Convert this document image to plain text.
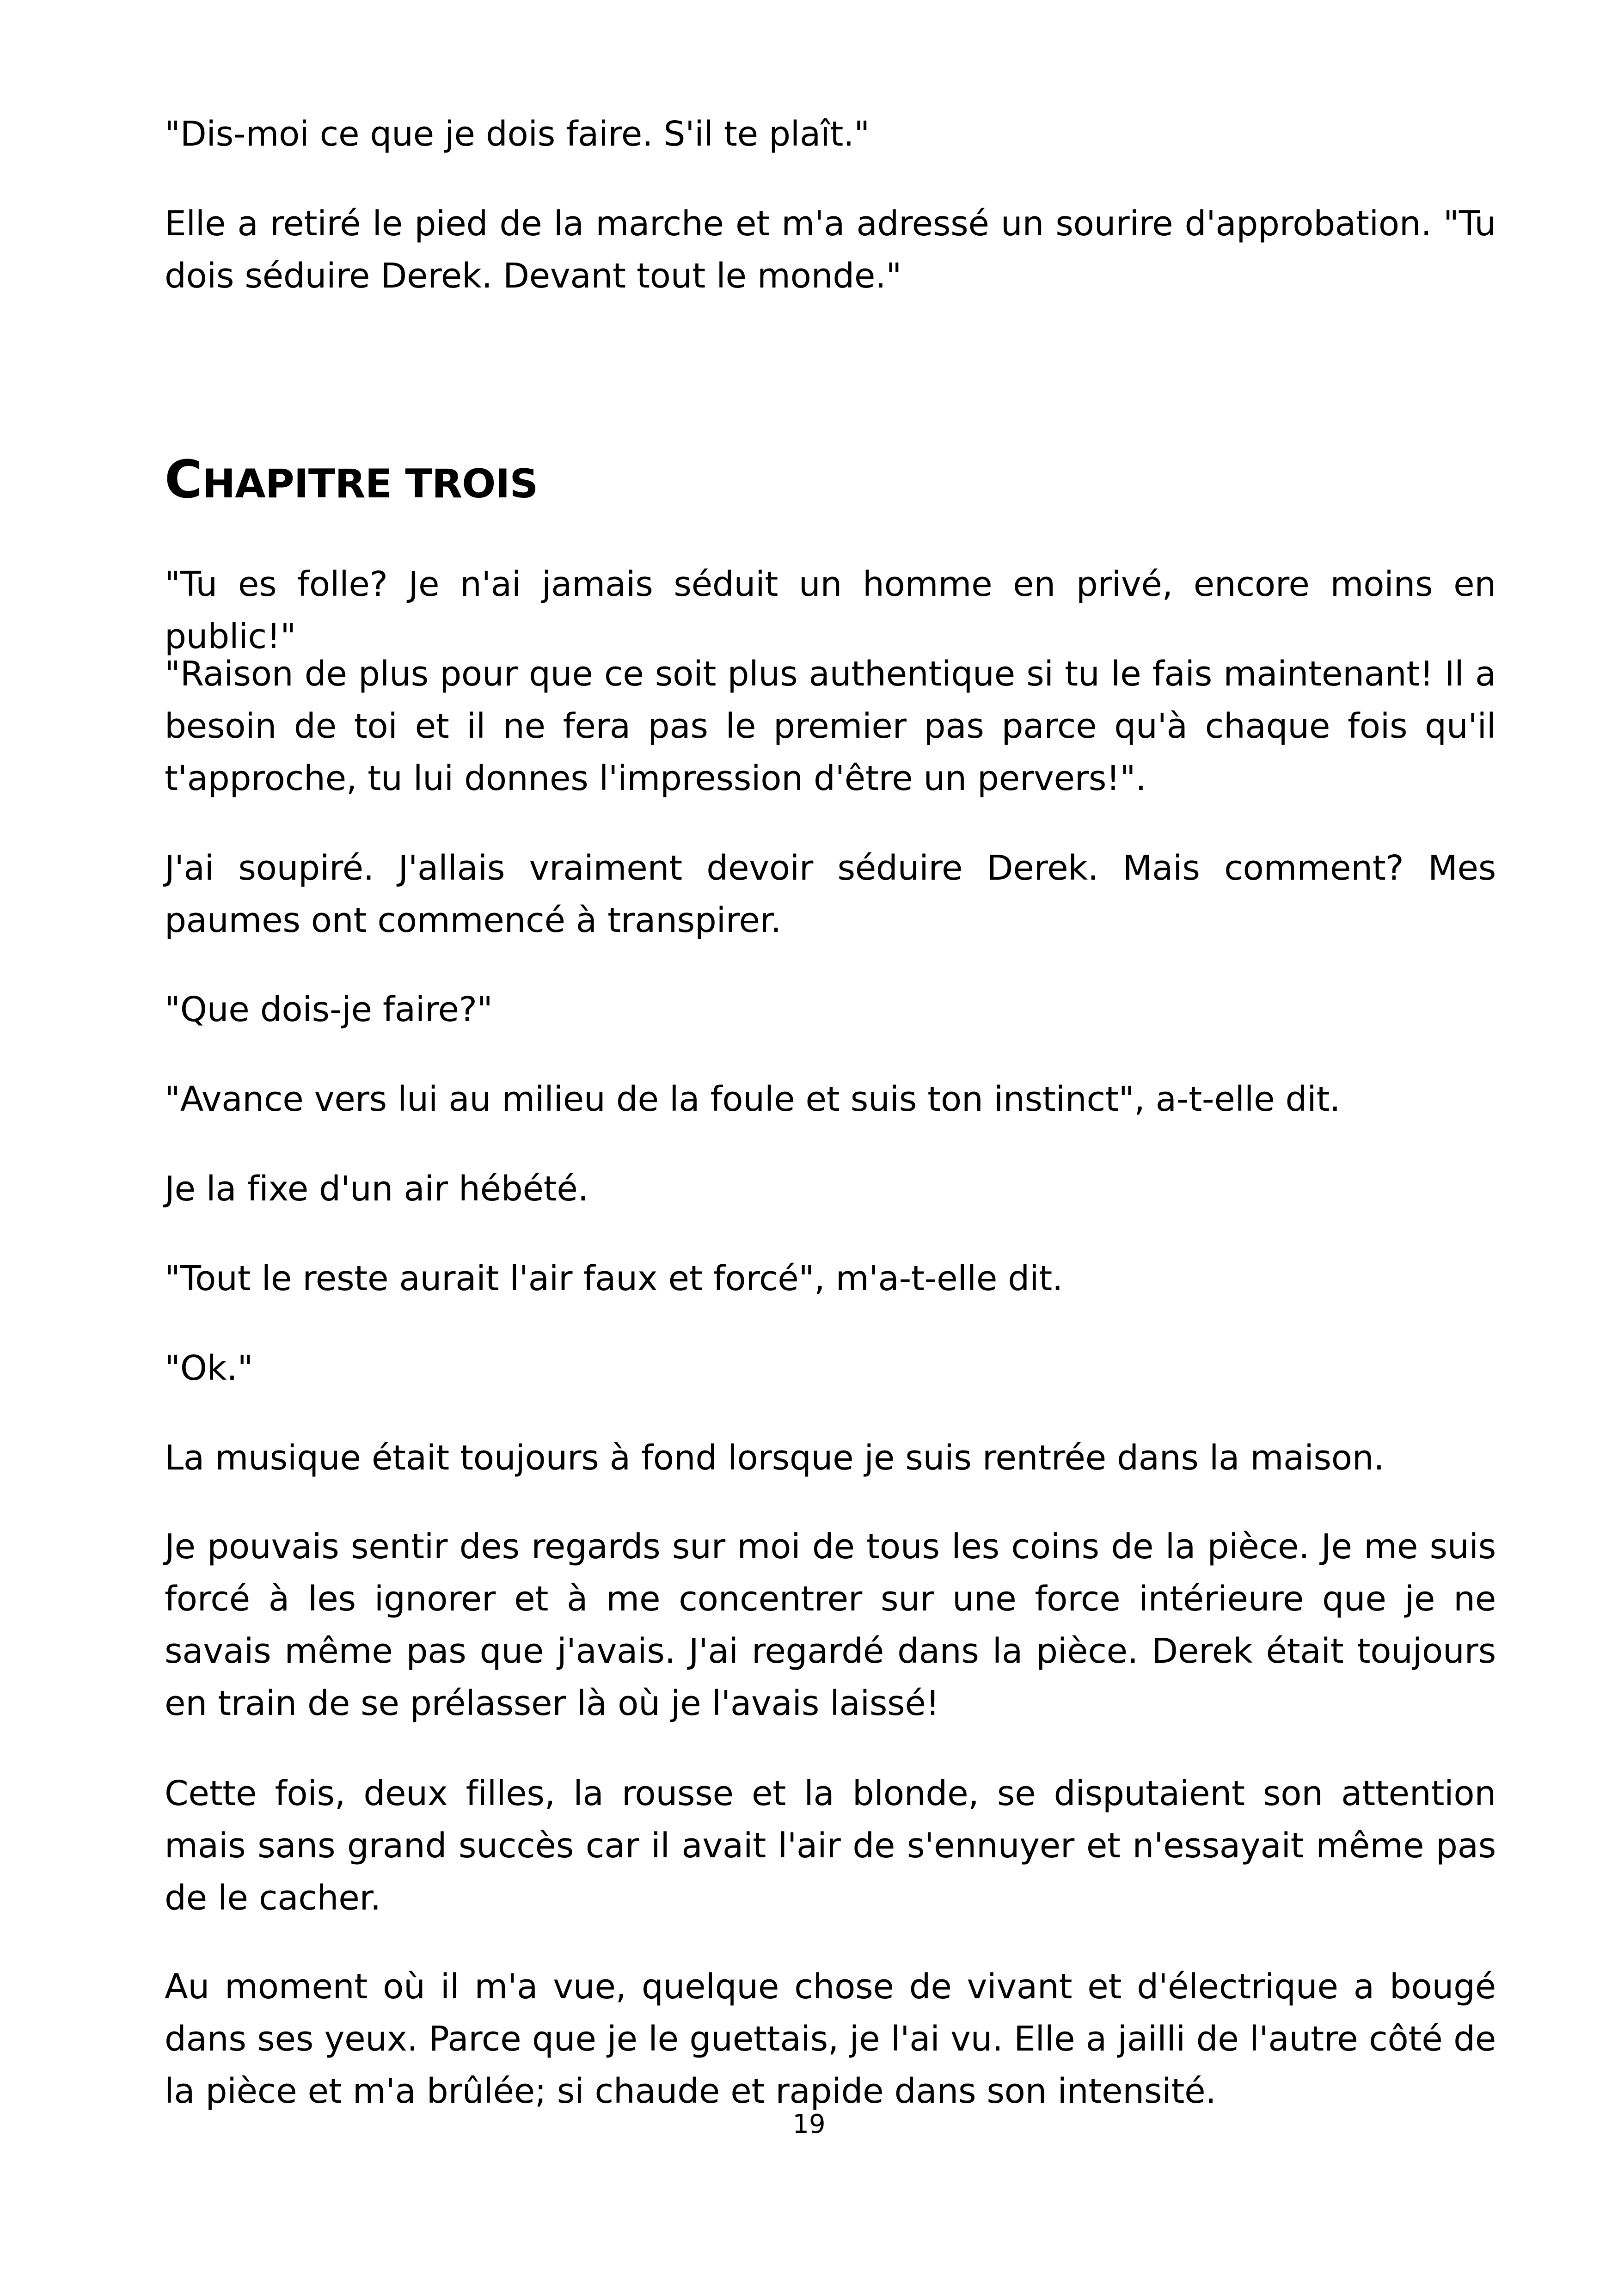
"Dis-moi ce que je dois faire. S'il te plaît."

Elle a retiré le pied de la marche et m'a adressé un sourire d'approbation. "Tu dois séduire Derek. Devant tout le monde."

CHAPITRE TROIS

"Tu es folle? Je n'ai jamais séduit un homme en privé, encore moins en public!"

"Raison de plus pour que ce soit plus authentique si tu le fais maintenant! Il a besoin de toi et il ne fera pas le premier pas parce qu'à chaque fois qu'il t'approche, tu lui donnes l'impression d'être un pervers!".

J'ai soupiré. J'allais vraiment devoir séduire Derek. Mais comment? Mes paumes ont commencé à transpirer.

"Que dois-je faire?"

"Avance vers lui au milieu de la foule et suis ton instinct", a-t-elle dit.

Je la fixe d'un air hébété.

"Tout le reste aurait l'air faux et forcé", m'a-t-elle dit.

"Ok."

La musique était toujours à fond lorsque je suis rentrée dans la maison.

Je pouvais sentir des regards sur moi de tous les coins de la pièce. Je me suis forcé à les ignorer et à me concentrer sur une force intérieure que je ne savais même pas que j'avais. J'ai regardé dans la pièce. Derek était toujours en train de se prélasser là où je l'avais laissé!

Cette fois, deux filles, la rousse et la blonde, se disputaient son attention mais sans grand succès car il avait l'air de s'ennuyer et n'essayait même pas de le cacher.

Au moment où il m'a vue, quelque chose de vivant et d'électrique a bougé dans ses yeux. Parce que je le guettais, je l'ai vu. Elle a jailli de l'autre côté de la pièce et m'a brûlée; si chaude et rapide dans son intensité.

19
